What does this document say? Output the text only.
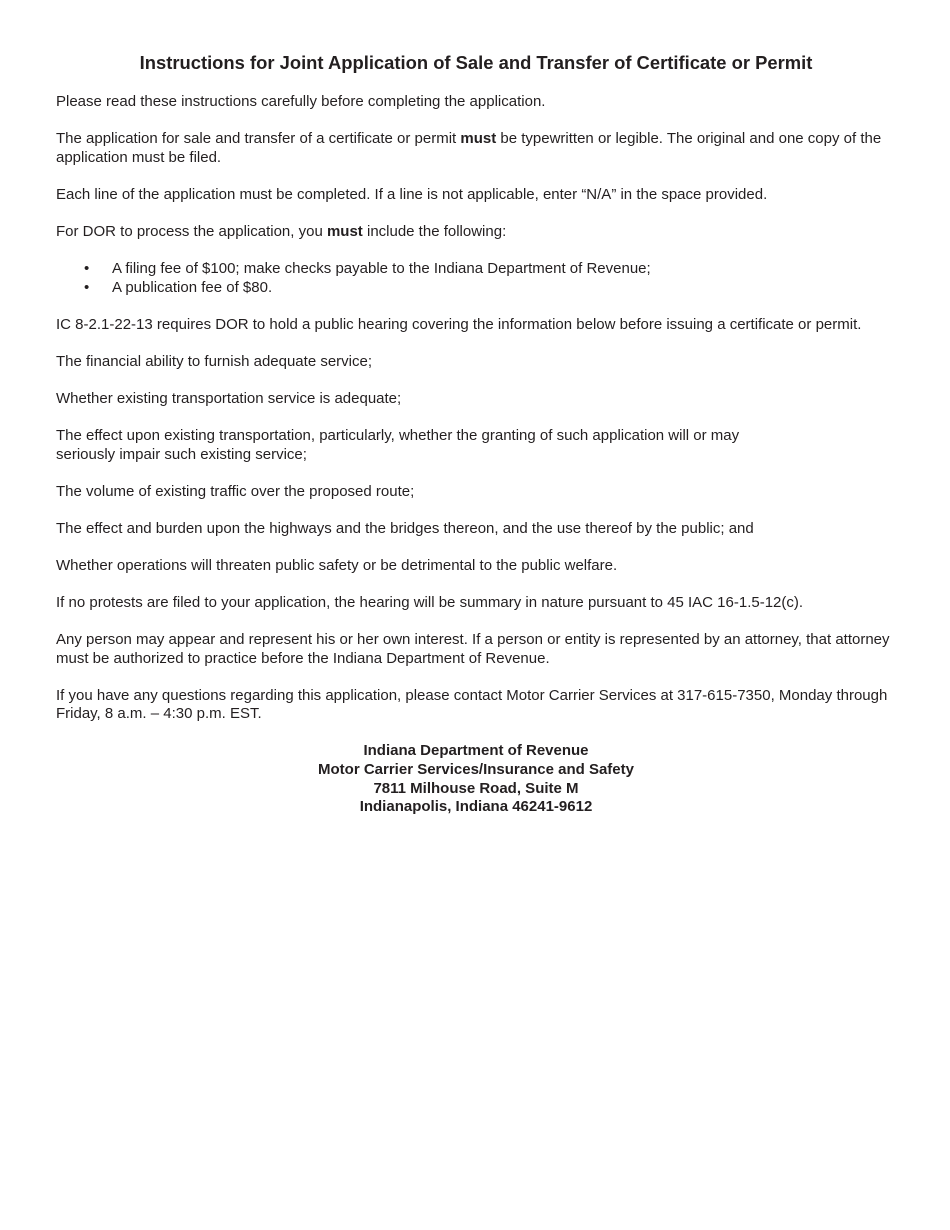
Instructions for Joint Application of Sale and Transfer of Certificate or Permit

Please read these instructions carefully before completing the application.

The application for sale and transfer of a certificate or permit must be typewritten or legible. The original and one copy of the application must be filed.

Each line of the application must be completed. If a line is not applicable, enter “N/A” in the space provided.

For DOR to process the application, you must include the following:

• A filing fee of $100; make checks payable to the Indiana Department of Revenue;
• A publication fee of $80.

IC 8-2.1-22-13 requires DOR to hold a public hearing covering the information below before issuing a certificate or permit.

The financial ability to furnish adequate service;

Whether existing transportation service is adequate;

The effect upon existing transportation, particularly, whether the granting of such application will or may seriously impair such existing service;

The volume of existing traffic over the proposed route;

The effect and burden upon the highways and the bridges thereon, and the use thereof by the public; and

Whether operations will threaten public safety or be detrimental to the public welfare.

If no protests are filed to your application, the hearing will be summary in nature pursuant to 45 IAC 16-1.5-12(c).

Any person may appear and represent his or her own interest. If a person or entity is represented by an attorney, that attorney must be authorized to practice before the Indiana Department of Revenue.

If you have any questions regarding this application, please contact Motor Carrier Services at 317-615-7350, Monday through Friday, 8 a.m. – 4:30 p.m. EST.

Indiana Department of Revenue
Motor Carrier Services/Insurance and Safety
7811 Milhouse Road, Suite M
Indianapolis, Indiana 46241-9612
